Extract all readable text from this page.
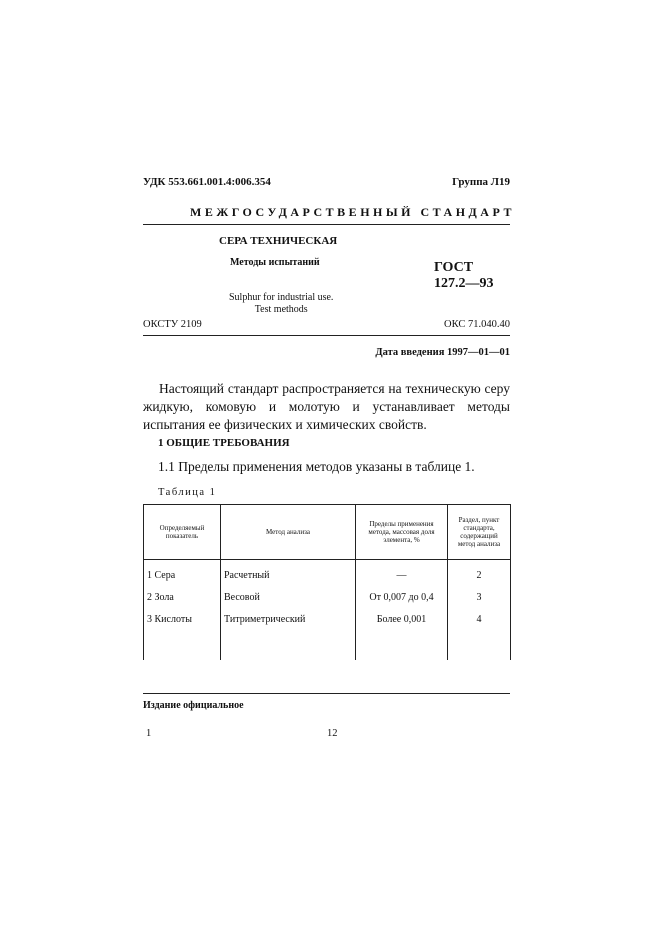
УДК 553.661.001.4:006.354	Группа Л19
МЕЖГОСУДАРСТВЕННЫЙ СТАНДАРТ
СЕРА ТЕХНИЧЕСКАЯ
Методы испытаний	ГОСТ
127.2—93
Sulphur for industrial use.
Test methods
ОКСТУ 2109	ОКС 71.040.40
Дата введения 1997—01—01
Настоящий стандарт распространяется на техническую серу жидкую, комовую и молотую и устанавливает методы испытания ее физических и химических свойств.
1 ОБЩИЕ ТРЕБОВАНИЯ
1.1 Пределы применения методов указаны в таблице 1.
Таблица 1
Определяемый показатель	Метод анализа	Пределы применения метода, массовая доля элемента, %	Раздел, пункт стандарта, содержащий метод анализа
1 Сера	Расчетный	—	2
2 Зола	Весовой	От 0,007 до 0,4	3
3 Кислоты	Титриметрический	Более 0,001	4

Издание официальное
1	12
